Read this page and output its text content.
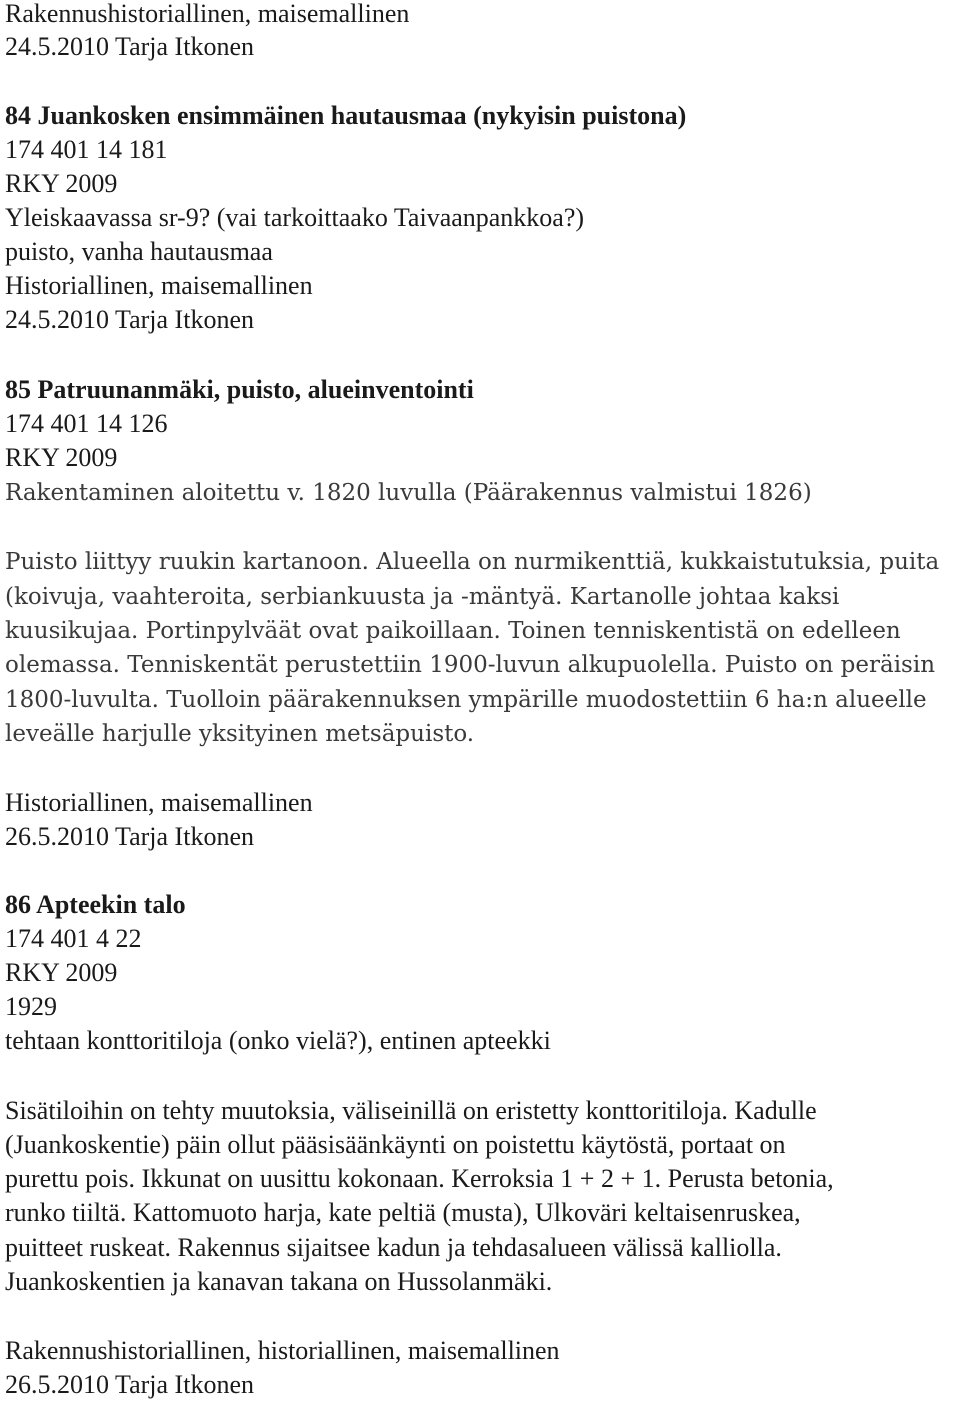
Rakennushistoriallinen, maisemallinen
24.5.2010 Tarja Itkonen
84 Juankosken ensimmäinen hautausmaa (nykyisin puistona)
174 401 14 181
RKY 2009
Yleiskaavassa sr-9? (vai tarkoittaako Taivaanpankkoa?)
puisto, vanha hautausmaa
Historiallinen, maisemallinen
24.5.2010 Tarja Itkonen
85 Patruunanmäki, puisto, alueinventointi
174 401 14 126
RKY 2009
Rakentaminen aloitettu v. 1820 luvulla (Päärakennus valmistui 1826)
Puisto liittyy ruukin kartanoon. Alueella on nurmikenttiä, kukkaistutuksia, puita
(koivuja, vaahteroita, serbiankuusta ja -mäntyä. Kartanolle johtaa kaksi
kuusikujaa. Portinpylväät ovat paikoillaan. Toinen tenniskentistä on edelleen
olemassa. Tenniskentät perustettiin 1900-luvun alkupuolella. Puisto on peräisin
1800-luvulta. Tuolloin päärakennuksen ympärille muodostettiin 6 ha:n alueelle
leveälle harjulle yksityinen metsäpuisto.
Historiallinen, maisemallinen
26.5.2010 Tarja Itkonen
86 Apteekin talo
174 401 4 22
RKY 2009
1929
tehtaan konttoritiloja (onko vielä?), entinen apteekki
Sisätiloihin on tehty muutoksia, väliseinillä on eristetty konttoritiloja. Kadulle
(Juankoskentie) päin ollut pääsisäänkäynti on poistettu käytöstä, portaat on
purettu pois. Ikkunat on uusittu kokonaan. Kerroksia 1 + 2 + 1. Perusta betonia,
runko tiiltä. Kattomuoto harja, kate peltiä (musta), Ulkoväri keltaisenruskea,
puitteet ruskeat. Rakennus sijaitsee kadun ja tehdasalueen välissä kalliolla.
Juankoskentien ja kanavan takana on Hussolanmäki.
Rakennushistoriallinen, historiallinen, maisemallinen
26.5.2010 Tarja Itkonen
